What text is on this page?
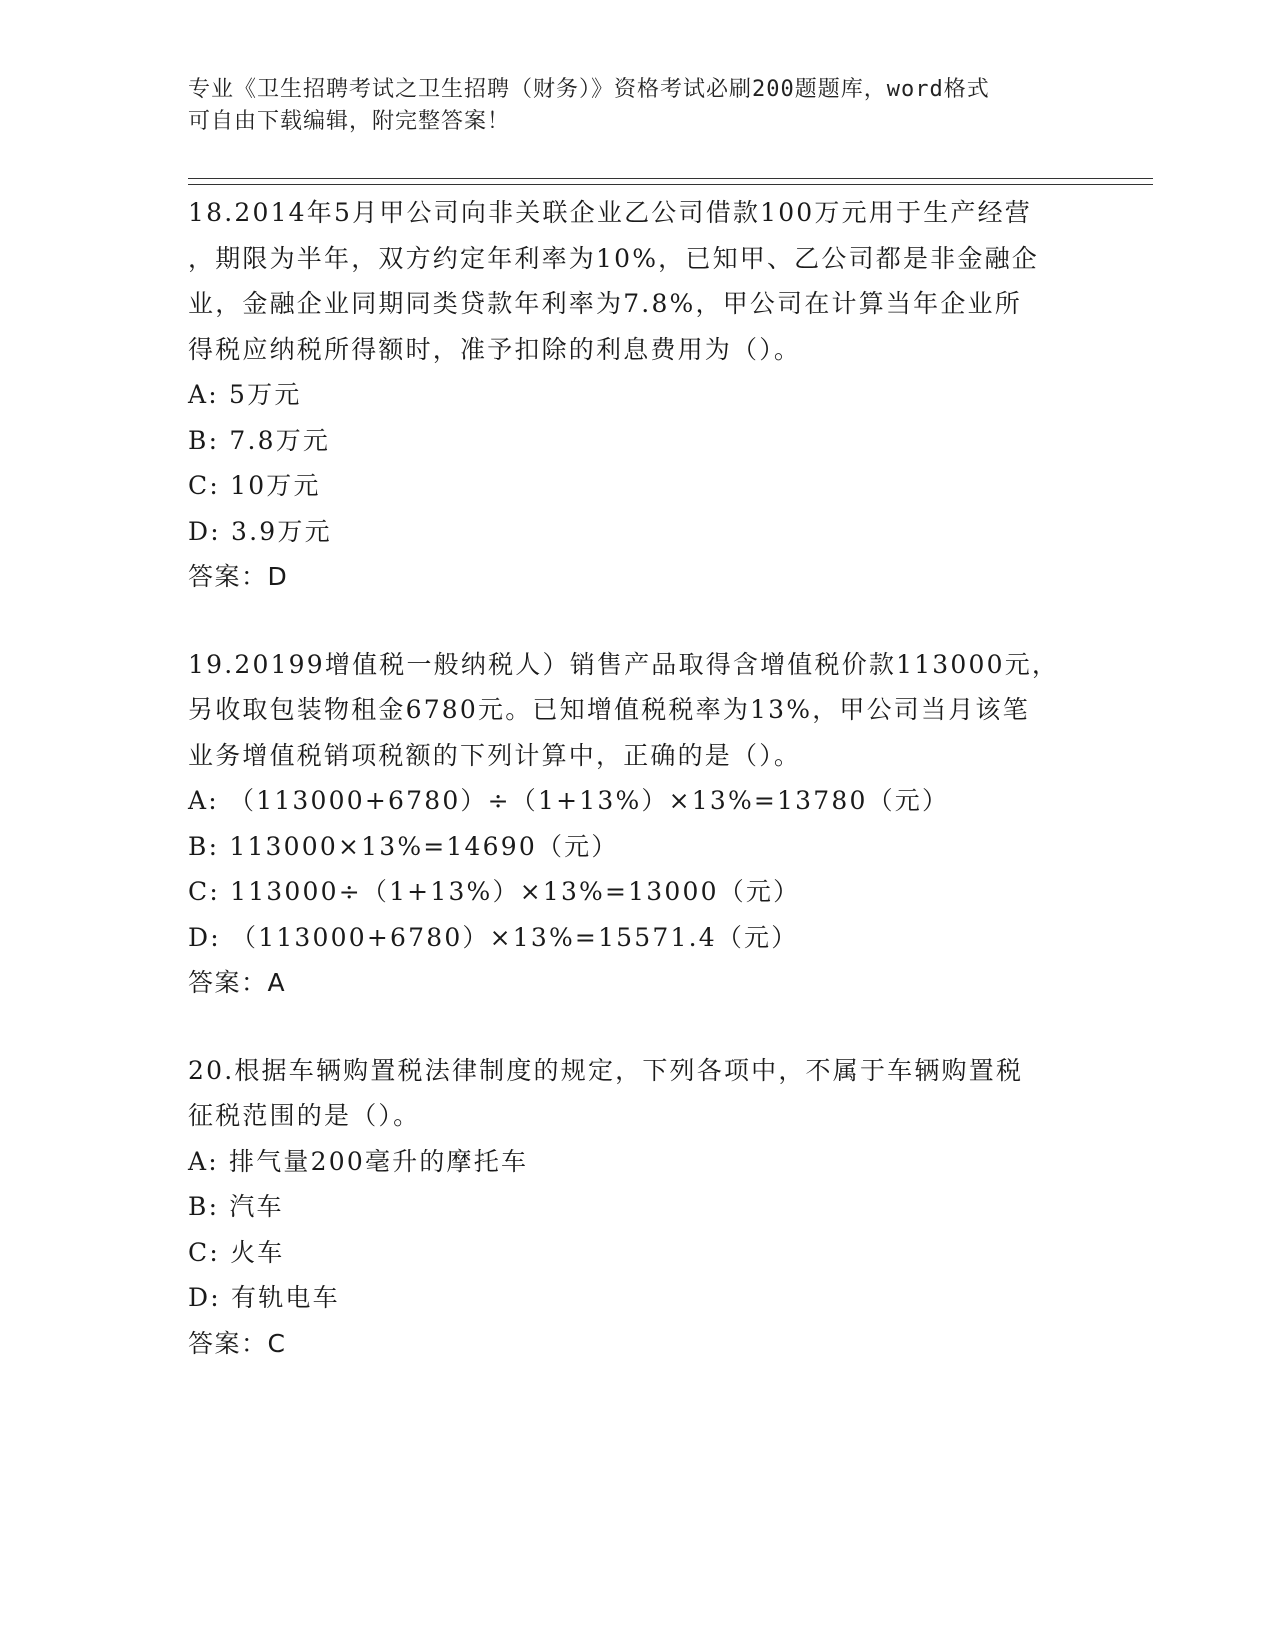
专业《卫生招聘考试之卫生招聘（财务）》资格考试必刷200题题库，word格式
可自由下载编辑，附完整答案！
18.2014年5月甲公司向非关联企业乙公司借款100万元用于生产经营
，期限为半年，双方约定年利率为10%，已知甲、乙公司都是非金融企
业，金融企业同期同类贷款年利率为7.8%，甲公司在计算当年企业所
得税应纳税所得额时，准予扣除的利息费用为（）。
A: 5万元
B: 7.8万元
C: 10万元
D: 3.9万元
答案：D
19.20199增值税一般纳税人）销售产品取得含增值税价款113000元，
另收取包装物租金6780元。已知增值税税率为13%，甲公司当月该笔
业务增值税销项税额的下列计算中，正确的是（）。
A: （113000+6780）÷（1+13%）×13%=13780（元）
B: 113000×13%=14690（元）
C: 113000÷（1+13%）×13%=13000（元）
D: （113000+6780）×13%=15571.4（元）
答案：A
20.根据车辆购置税法律制度的规定，下列各项中，不属于车辆购置税
征税范围的是（）。
A: 排气量200毫升的摩托车
B: 汽车
C: 火车
D: 有轨电车
答案：C
